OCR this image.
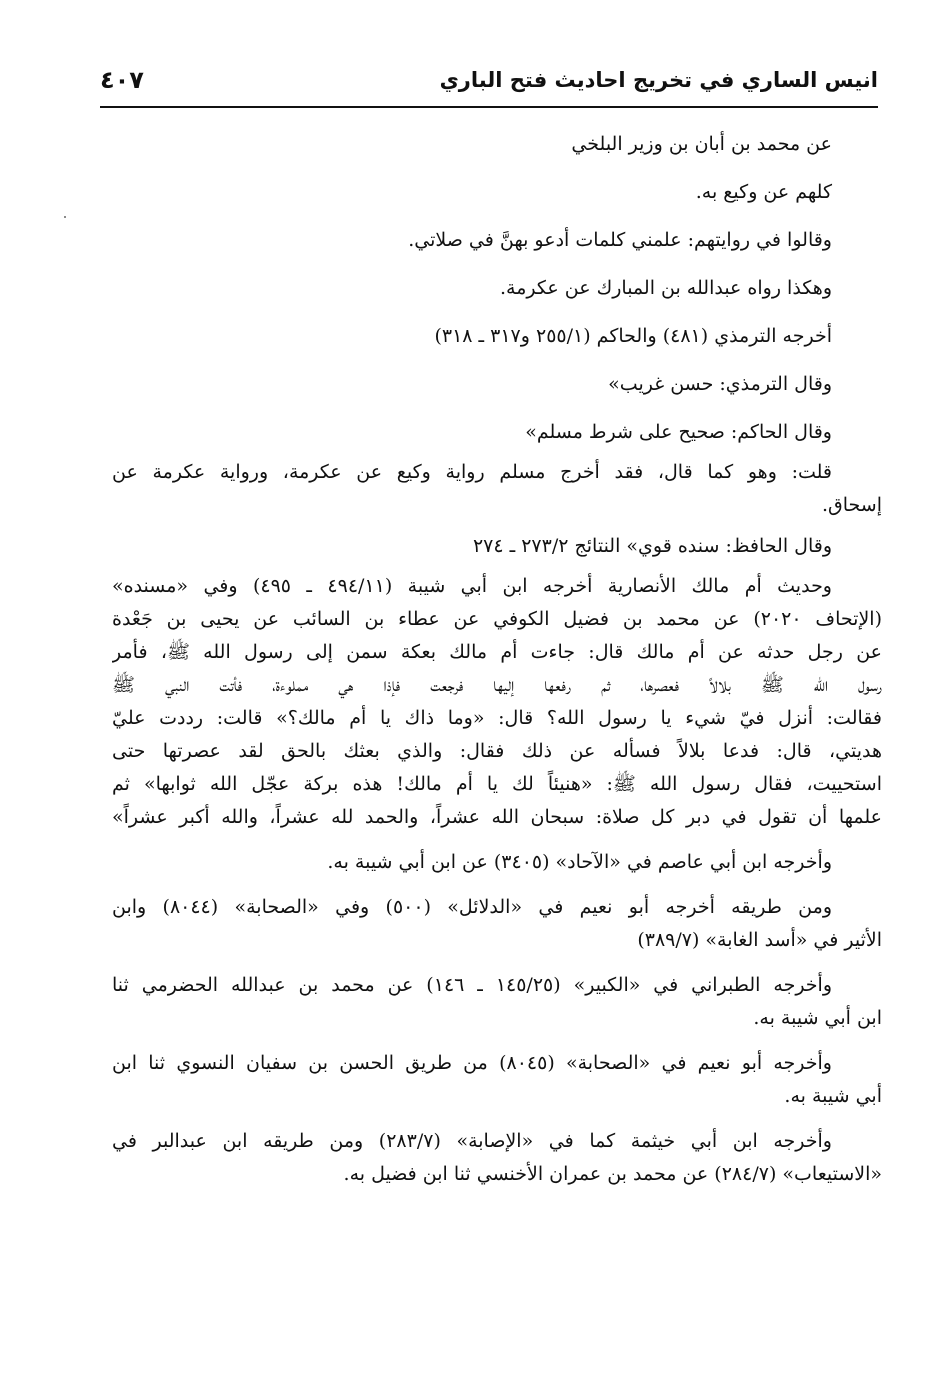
انيس الساري في تخريج احاديث فتح الباري
٤٠٧
عن محمد بن أبان بن وزير البلخي
كلهم عن وكيع به.
وقالوا في روايتهم: علمني كلمات أدعو بهنَّ في صلاتي.
وهكذا رواه عبدالله بن المبارك عن عكرمة.
أخرجه الترمذي (٤٨١) والحاكم (٢٥٥/١ و٣١٧ ـ ٣١٨)
وقال الترمذي: حسن غريب»
وقال الحاكم: صحيح على شرط مسلم»
قلت: وهو كما قال، فقد أخرج مسلم رواية وكيع عن عكرمة، ورواية عكرمة عن
إسحاق.
وقال الحافظ: سنده قوي» النتائج ٢٧٣/٢ ـ ٢٧٤
وحديث أم مالك الأنصارية أخرجه ابن أبي شيبة (٤٩٤/١١ ـ ٤٩٥) وفي «مسنده»
(الإتحاف ٢٠٢٠) عن محمد بن فضيل الكوفي عن عطاء بن السائب عن يحيى بن جَعْدة
عن رجل حدثه عن أم مالك قال: جاءت أم مالك بعكة سمن إلى رسول الله ﷺ، فأمر
رسول الله ﷺ بلالاً فعصرها، ثم رفعها إليها فرجعت فإذا هي مملوءة، فأتت النبي ﷺ
فقالت: أنزل فيّ شيء يا رسول الله؟ قال: «وما ذاك يا أم مالك؟» قالت: رددت عليّ
هديتي، قال: فدعا بلالاً فسأله عن ذلك فقال: والذي بعثك بالحق لقد عصرتها حتى
استحييت، فقال رسول الله ﷺ: «هنيئاً لك يا أم مالك! هذه بركة عجّل الله ثوابها» ثم
علمها أن تقول في دبر كل صلاة: سبحان الله عشراً، والحمد لله عشراً، والله أكبر عشراً»
وأخرجه ابن أبي عاصم في «الآحاد» (٣٤٠٥) عن ابن أبي شيبة به.
ومن طريقه أخرجه أبو نعيم في «الدلائل» (٥٠٠) وفي «الصحابة» (٨٠٤٤) وابن
الأثير في «أسد الغابة» (٣٨٩/٧)
وأخرجه الطبراني في «الكبير» (١٤٥/٢٥ ـ ١٤٦) عن محمد بن عبدالله الحضرمي ثنا
ابن أبي شيبة به.
وأخرجه أبو نعيم في «الصحابة» (٨٠٤٥) من طريق الحسن بن سفيان النسوي ثنا ابن
أبي شيبة به.
وأخرجه ابن أبي خيثمة كما في «الإصابة» (٢٨٣/٧) ومن طريقه ابن عبدالبر في
«الاستيعاب» (٢٨٤/٧) عن محمد بن عمران الأخنسي ثنا ابن فضيل به.
